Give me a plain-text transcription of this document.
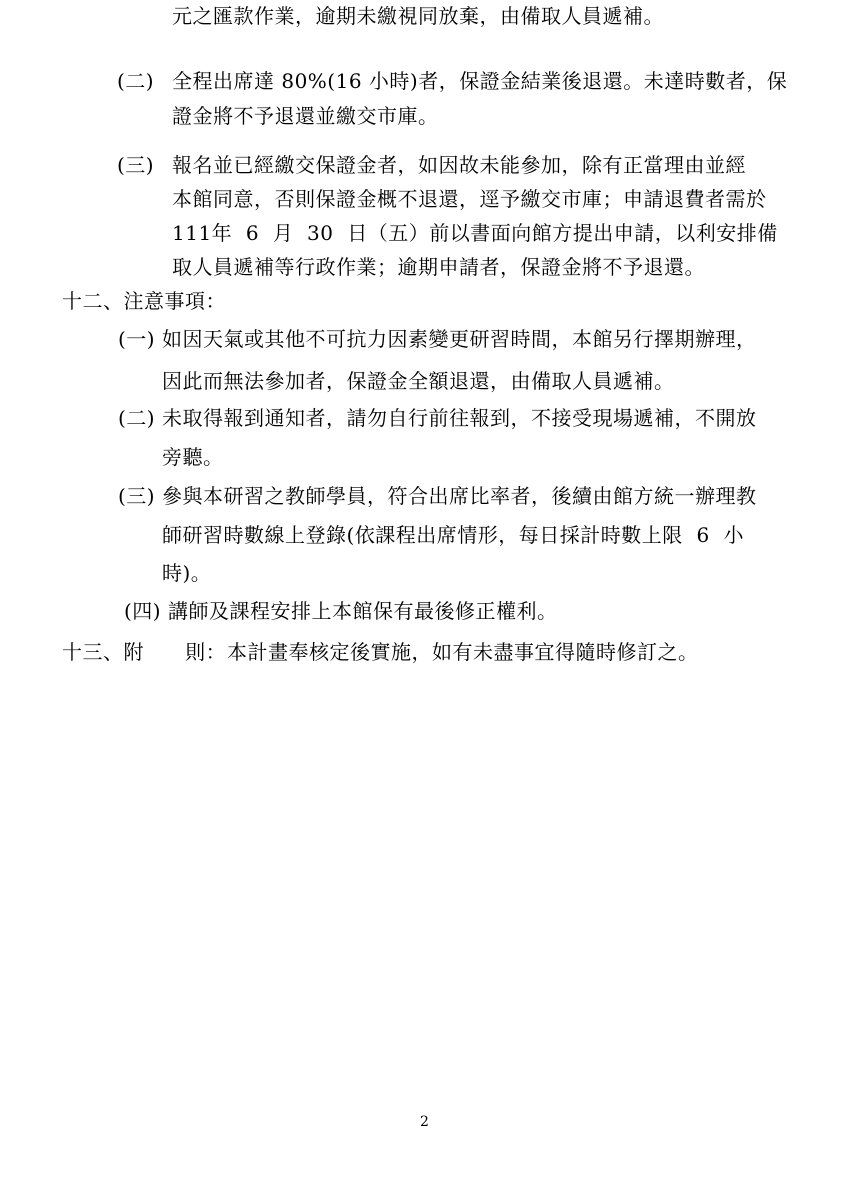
元之匯款作業，逾期未繳視同放棄，由備取人員遞補。
(二) 全程出席達 80%(16 小時)者，保證金結業後退還。未達時數者，保
證金將不予退還並繳交市庫。
(三) 報名並已經繳交保證金者，如因故未能參加，除有正當理由並經
本館同意，否則保證金概不退還，逕予繳交市庫；申請退費者需於
111年  6  月  30  日（五）前以書面向館方提出申請，以利安排備
取人員遞補等行政作業；逾期申請者，保證金將不予退還。
十二、注意事項：
(一) 如因天氣或其他不可抗力因素變更研習時間，本館另行擇期辦理，
因此而無法參加者，保證金全額退還，由備取人員遞補。
(二) 未取得報到通知者，請勿自行前往報到，不接受現場遞補，不開放
旁聽。
(三) 參與本研習之教師學員，符合出席比率者，後續由館方統一辦理教
師研習時數線上登錄(依課程出席情形，每日採計時數上限  6  小
時)。
(四) 講師及課程安排上本館保有最後修正權利。
十三、附      則： 本計畫奉核定後實施，如有未盡事宜得隨時修訂之。
2
